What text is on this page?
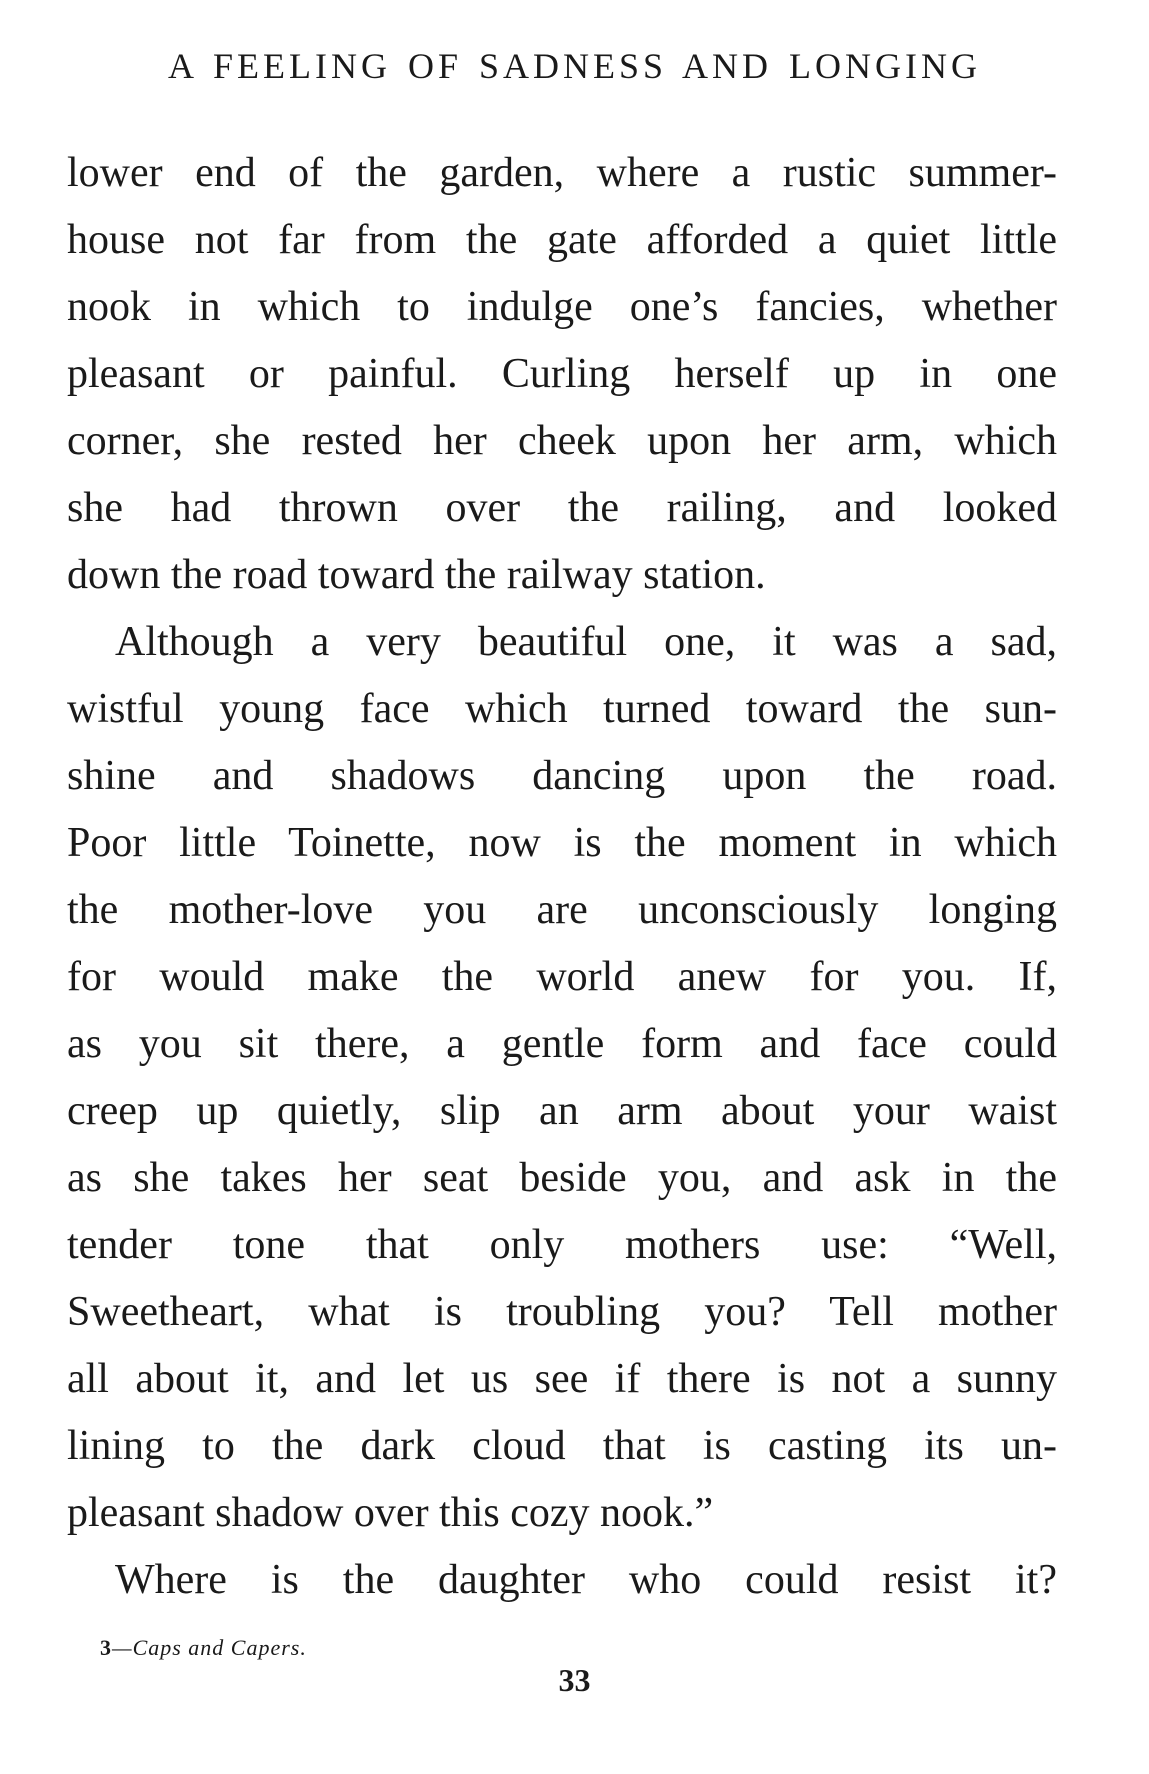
A FEELING OF SADNESS AND LONGING

lower end of the garden, where a rustic summer-
house not far from the gate afforded a quiet little
nook in which to indulge one’s fancies, whether
pleasant or painful. Curling herself up in one
corner, she rested her cheek upon her arm, which
she had thrown over the railing, and looked
down the road toward the railway station.

Although a very beautiful one, it was a sad,
wistful young face which turned toward the sun-
shine and shadows dancing upon the road.
Poor little Toinette, now is the moment in which
the mother-love you are unconsciously longing
for would make the world anew for you. If,
as you sit there, a gentle form and face could
creep up quietly, slip an arm about your waist
as she takes her seat beside you, and ask in the
tender tone that only mothers use: “Well,
Sweetheart, what is troubling you? Tell mother
all about it, and let us see if there is not a sunny
lining to the dark cloud that is casting its un-
pleasant shadow over this cozy nook.”

Where is the daughter who could resist it?

3—Caps and Capers.
33
